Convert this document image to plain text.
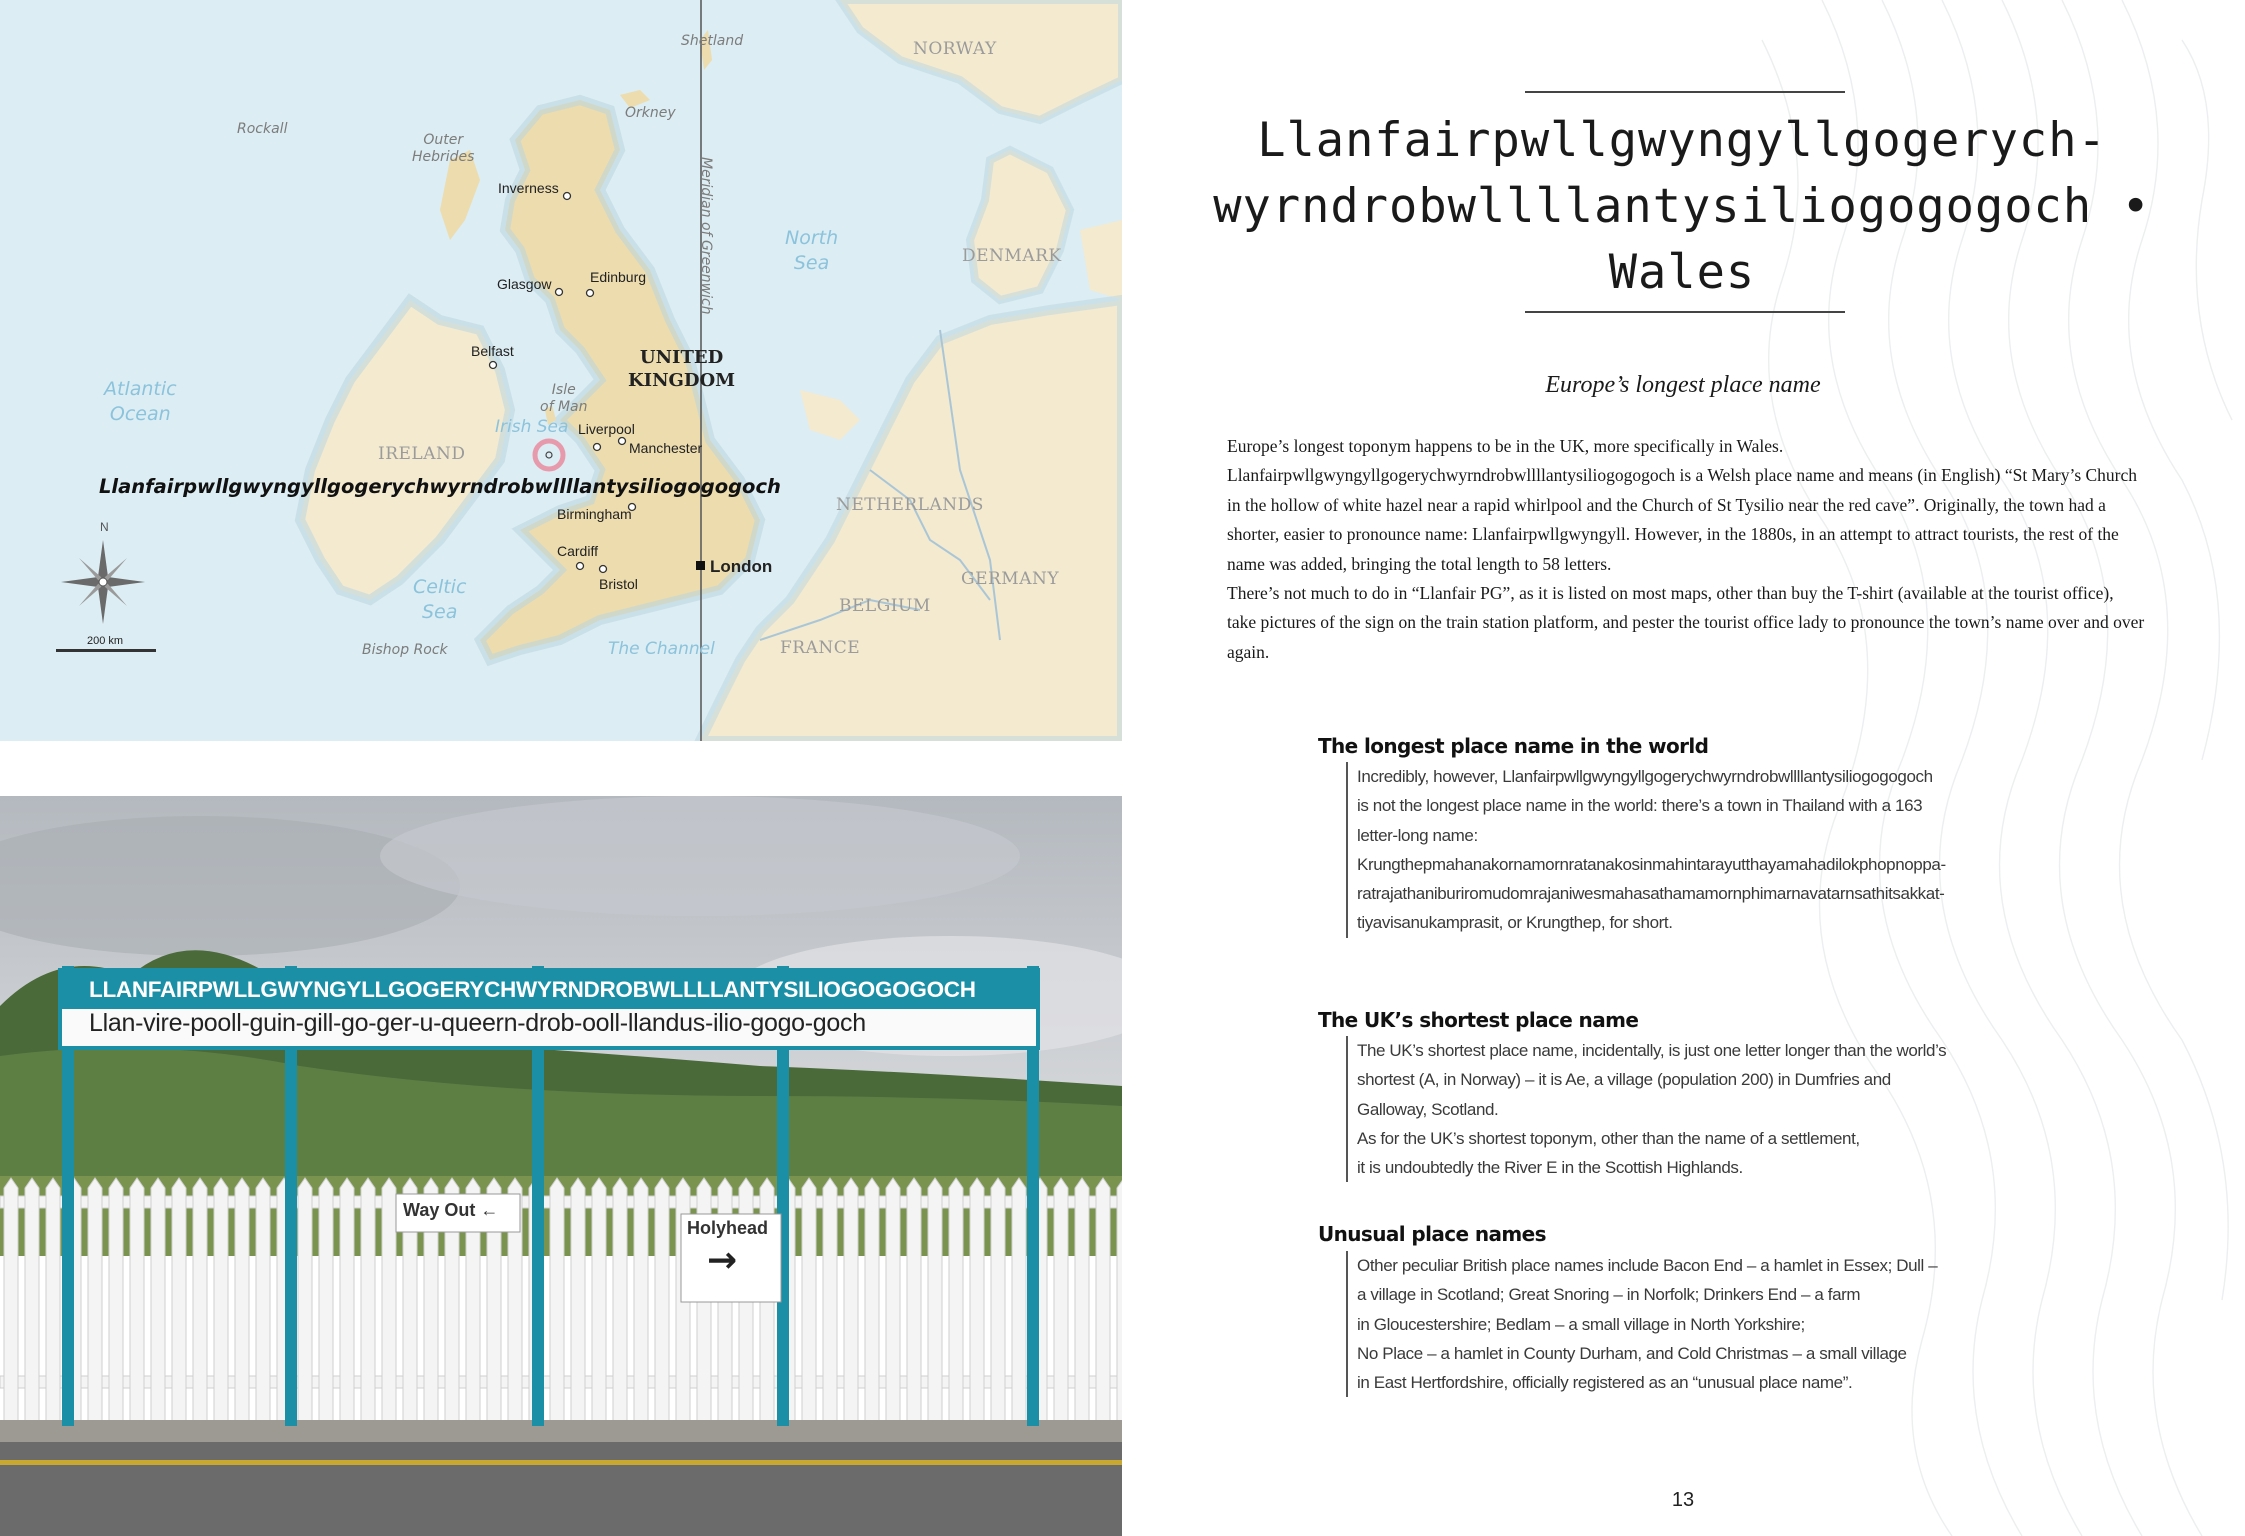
Atlantic
Ocean
North
Sea
Irish Sea
Celtic
Sea
The Channel
Shetland
Orkney
Rockall
Outer
Hebrides
Isle
of Man
Bishop Rock
Meridian of Greenwich
NORWAY
DENMARK
IRELAND
NETHERLANDS
GERMANY
BELGIUM
FRANCE
UNITED
KINGDOM
Inverness
Glasgow	Edinburg
Belfast
Liverpool
Manchester
Birmingham
Cardiff
Bristol
London
Llanfairpwllgwyngyllgogerychwyrndrobwllllantysiliogogogoch
N
200 km
LLANFAIRPWLLGWYNGYLLGOGERYCHWYRNDROBWLLLLANTYSILIOGOGOGOCH
Llan-vire-pooll-guin-gill-go-ger-u-queern-drob-ooll-llandus-ilio-gogo-goch
Way Out ←
Holyhead
→
Llanfairpwllgwyngyllgogerych-
wyrndrobwllllantysiliogogogoch •
Wales
Europe’s longest place name

Europe’s longest toponym happens to be in the UK, more specifically in Wales. Llanfairpwllgwyngyllgogerychwyrndrobwllllantysiliogogogoch is a Welsh place name and means (in English) “St Mary’s Church in the hollow of white hazel near a rapid whirlpool and the Church of St Tysilio near the red cave”. Originally, the town had a shorter, easier to pronounce name: Llanfairpwllgwyngyll. However, in the 1880s, in an attempt to attract tourists, the rest of the name was added, bringing the total length to 58 letters.

There’s not much to do in “Llanfair PG”, as it is listed on most maps, other than buy the T-shirt (available at the tourist office), take pictures of the sign on the train station platform, and pester the tourist office lady to pronounce the town’s name over and over again.

The longest place name in the world
Incredibly, however, Llanfairpwllgwyngyllgogerychwyrndrobwllllantysiliogogogoch
is not the longest place name in the world: there’s a town in Thailand with a 163
letter-long name:
Krungthepmahanakornamornratanakosinmahintarayutthayamahadilokphopnoppa-
ratrajathaniburiromudomrajaniwesmahasathamamornphimarnavatarnsathitsakkat-
tiyavisanukamprasit, or Krungthep, for short.
The UK’s shortest place name
The UK’s shortest place name, incidentally, is just one letter longer than the world’s
shortest (A, in Norway) – it is Ae, a village (population 200) in Dumfries and
Galloway, Scotland.
As for the UK’s shortest toponym, other than the name of a settlement,
it is undoubtedly the River E in the Scottish Highlands.
Unusual place names
Other peculiar British place names include Bacon End – a hamlet in Essex; Dull –
a village in Scotland; Great Snoring – in Norfolk; Drinkers End – a farm
in Gloucestershire; Bedlam – a small village in North Yorkshire;
No Place – a hamlet in County Durham, and Cold Christmas – a small village
in East Hertfordshire, officially registered as an “unusual place name”.
13
